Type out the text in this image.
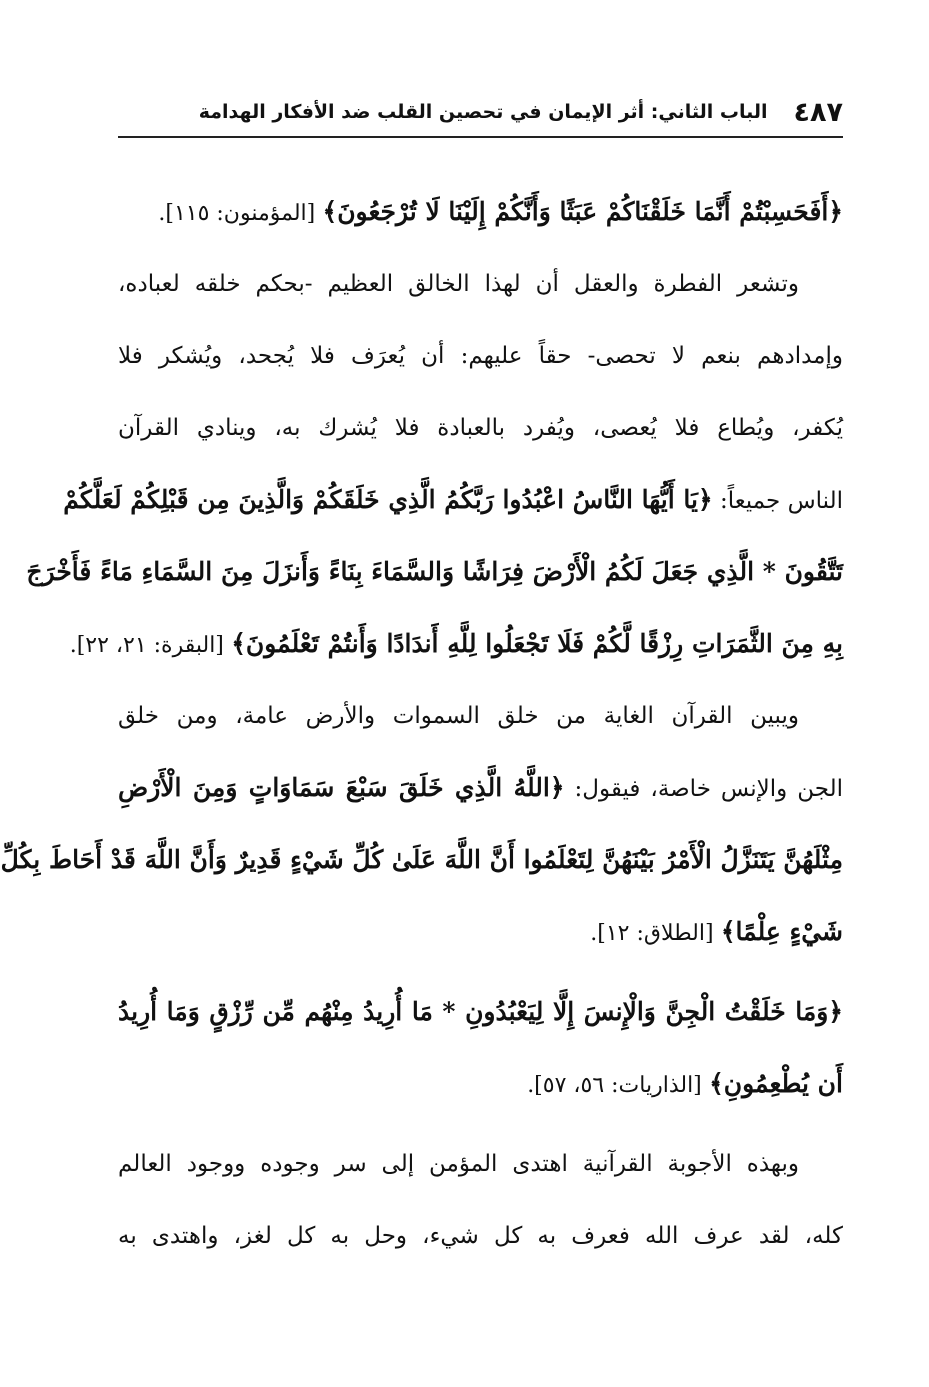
٤٨٧
الباب الثاني: أثر الإيمان في تحصين القلب ضد الأفكار الهدامة
﴿أَفَحَسِبْتُمْ أَنَّمَا خَلَقْنَاكُمْ عَبَثًا وَأَنَّكُمْ إِلَيْنَا لَا تُرْجَعُونَ﴾ [المؤمنون: ١١٥].
وتشعر الفطرة والعقل أن لهذا الخالق العظيم -بحكم خلقه لعباده،
وإمدادهم بنعم لا تحصى- حقاً عليهم: أن يُعرَف فلا يُجحد، ويُشكر فلا
يُكفر، ويُطاع فلا يُعصى، ويُفرد بالعبادة فلا يُشرك به، وينادي القرآن
الناس جميعاً: ﴿يَا أَيُّهَا النَّاسُ اعْبُدُوا رَبَّكُمُ الَّذِي خَلَقَكُمْ وَالَّذِينَ مِن قَبْلِكُمْ لَعَلَّكُمْ
تَتَّقُونَ * الَّذِي جَعَلَ لَكُمُ الْأَرْضَ فِرَاشًا وَالسَّمَاءَ بِنَاءً وَأَنزَلَ مِنَ السَّمَاءِ مَاءً فَأَخْرَجَ
بِهِ مِنَ الثَّمَرَاتِ رِزْقًا لَّكُمْ فَلَا تَجْعَلُوا لِلَّهِ أَندَادًا وَأَنتُمْ تَعْلَمُونَ﴾ [البقرة: ٢١، ٢٢].
ويبين القرآن الغاية من خلق السموات والأرض عامة، ومن خلق
الجن والإنس خاصة، فيقول: ﴿اللَّهُ الَّذِي خَلَقَ سَبْعَ سَمَاوَاتٍ وَمِنَ الْأَرْضِ
مِثْلَهُنَّ يَتَنَزَّلُ الْأَمْرُ بَيْنَهُنَّ لِتَعْلَمُوا أَنَّ اللَّهَ عَلَىٰ كُلِّ شَيْءٍ قَدِيرٌ وَأَنَّ اللَّهَ قَدْ أَحَاطَ بِكُلِّ
شَيْءٍ عِلْمًا﴾ [الطلاق: ١٢].
﴿وَمَا خَلَقْتُ الْجِنَّ وَالْإِنسَ إِلَّا لِيَعْبُدُونِ * مَا أُرِيدُ مِنْهُم مِّن رِّزْقٍ وَمَا أُرِيدُ
أَن يُطْعِمُونِ﴾ [الذاريات: ٥٦، ٥٧].
وبهذه الأجوبة القرآنية اهتدى المؤمن إلى سر وجوده ووجود العالم
كله، لقد عرف الله فعرف به كل شيء، وحل به كل لغز، واهتدى به
